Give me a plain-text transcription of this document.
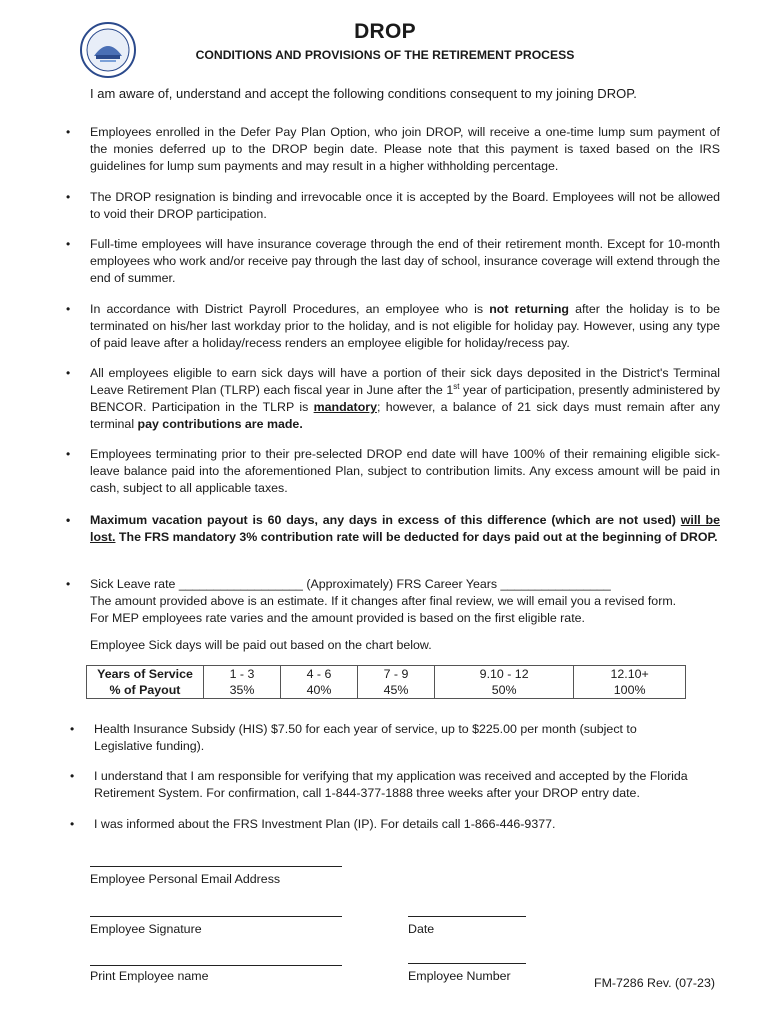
DROP
CONDITIONS AND PROVISIONS OF THE RETIREMENT PROCESS
I am aware of, understand and accept the following conditions consequent to my joining DROP.
• Employees enrolled in the Defer Pay Plan Option, who join DROP, will receive a one-time lump sum payment of the monies deferred up to the DROP begin date. Please note that this payment is taxed based on the IRS guidelines for lump sum payments and may result in a higher withholding percentage.
• The DROP resignation is binding and irrevocable once it is accepted by the Board. Employees will not be allowed to void their DROP participation.
• Full-time employees will have insurance coverage through the end of their retirement month. Except for 10-month employees who work and/or receive pay through the last day of school, insurance coverage will extend through the end of summer.
• In accordance with District Payroll Procedures, an employee who is not returning after the holiday is to be terminated on his/her last workday prior to the holiday, and is not eligible for holiday pay. However, using any type of paid leave after a holiday/recess renders an employee eligible for holiday/recess pay.
• All employees eligible to earn sick days will have a portion of their sick days deposited in the District's Terminal Leave Retirement Plan (TLRP) each fiscal year in June after the 1st year of participation, presently administered by BENCOR. Participation in the TLRP is mandatory; however, a balance of 21 sick days must remain after any terminal pay contributions are made.
• Employees terminating prior to their pre-selected DROP end date will have 100% of their remaining eligible sick-leave balance paid into the aforementioned Plan, subject to contribution limits. Any excess amount will be paid in cash, subject to all applicable taxes.
• Maximum vacation payout is 60 days, any days in excess of this difference (which are not used) will be lost. The FRS mandatory 3% contribution rate will be deducted for days paid out at the beginning of DROP.
• Sick Leave rate __________________ (Approximately) FRS Career Years ________________
The amount provided above is an estimate. If it changes after final review, we will email you a revised form.
For MEP employees rate varies and the amount provided is based on the first eligible rate.
Employee Sick days will be paid out based on the chart below.
Years of Service	1 - 3	4 - 6	7 - 9	9.10 - 12	12.10+
% of Payout	35%	40%	45%	50%	100%
• Health Insurance Subsidy (HIS) $7.50 for each year of service, up to $225.00 per month (subject to Legislative funding).
• I understand that I am responsible for verifying that my application was received and accepted by the Florida Retirement System. For confirmation, call 1-844-377-1888 three weeks after your DROP entry date.
• I was informed about the FRS Investment Plan (IP). For details call 1-866-446-9377.
Employee Personal Email Address
Employee Signature	Date
Print Employee name	Employee Number	FM-7286 Rev. (07-23)
